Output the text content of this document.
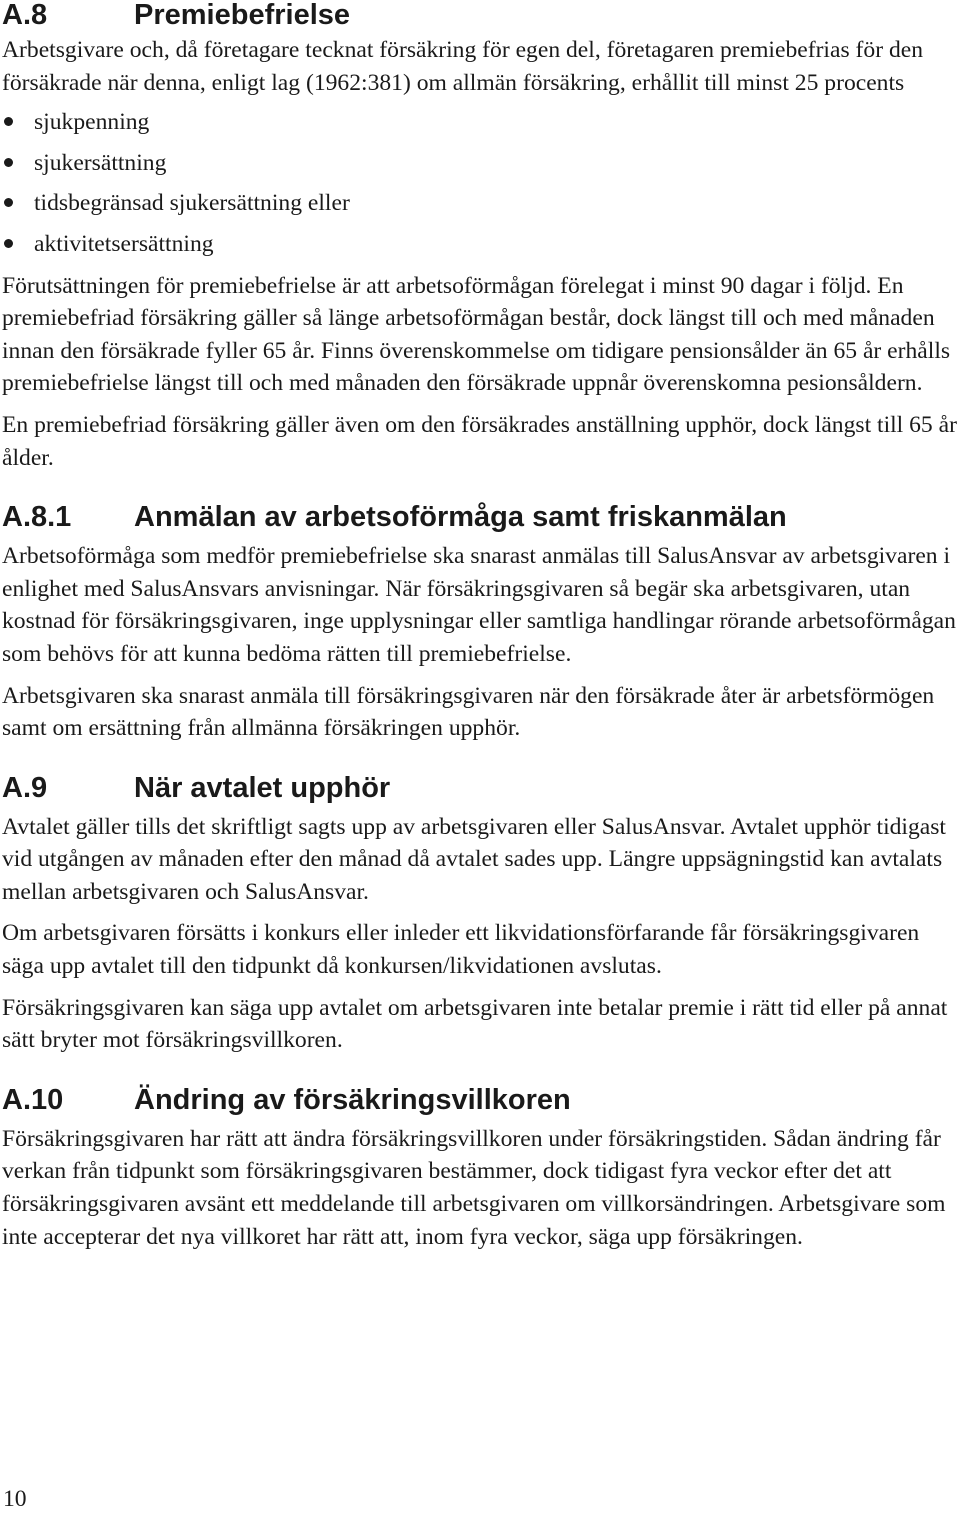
A.8	Premiebefrielse

Arbetsgivare och, då företagare tecknat försäkring för egen del, företagaren premiebefrias för den försäkrade när denna, enligt lag (1962:381) om allmän försäkring, erhållit till minst 25 procents

sjukpenning
sjukersättning
tidsbegränsad sjukersättning eller
aktivitetsersättning

Förutsättningen för premiebefrielse är att arbetsoförmågan förelegat i minst 90 dagar i följd. En premiebefriad försäkring gäller så länge arbetsoförmågan består, dock längst till och med månaden innan den försäkrade fyller 65 år. Finns överenskommelse om tidigare pensionsålder än 65 år erhålls premiebefrielse längst till och med månaden den försäkrade uppnår överenskomna pesionsåldern.

En premiebefriad försäkring gäller även om den försäkrades anställning upphör, dock längst till 65 år ålder.

A.8.1	Anmälan av arbetsoförmåga samt friskanmälan

Arbetsoförmåga som medför premiebefrielse ska snarast anmälas till SalusAnsvar av arbetsgivaren i enlighet med SalusAnsvars anvisningar. När försäkringsgivaren så begär ska arbetsgivaren, utan kostnad för försäkringsgivaren, inge upplysningar eller samtliga handlingar rörande arbetsoförmågan som behövs för att kunna bedöma rätten till premiebefrielse.

Arbetsgivaren ska snarast anmäla till försäkringsgivaren när den försäkrade åter är arbetsförmögen samt om ersättning från allmänna försäkringen upphör.

A.9	När avtalet upphör

Avtalet gäller tills det skriftligt sagts upp av arbetsgivaren eller SalusAnsvar. Avtalet upphör tidigast vid utgången av månaden efter den månad då avtalet sades upp. Längre uppsägningstid kan avtalats mellan arbetsgivaren och SalusAnsvar.

Om arbetsgivaren försätts i konkurs eller inleder ett likvidationsförfarande får försäkringsgivaren säga upp avtalet till den tidpunkt då konkursen/likvidationen avslutas.

Försäkringsgivaren kan säga upp avtalet om arbetsgivaren inte betalar premie i rätt tid eller på annat sätt bryter mot försäkringsvillkoren.

A.10	Ändring av försäkringsvillkoren

Försäkringsgivaren har rätt att ändra försäkringsvillkoren under försäkringstiden. Sådan ändring får verkan från tidpunkt som försäkringsgivaren bestämmer, dock tidigast fyra veckor efter det att försäkringsgivaren avsänt ett meddelande till arbetsgivaren om villkorsändringen. Arbetsgivare som inte accepterar det nya villkoret har rätt att, inom fyra veckor, säga upp försäkringen.

10
